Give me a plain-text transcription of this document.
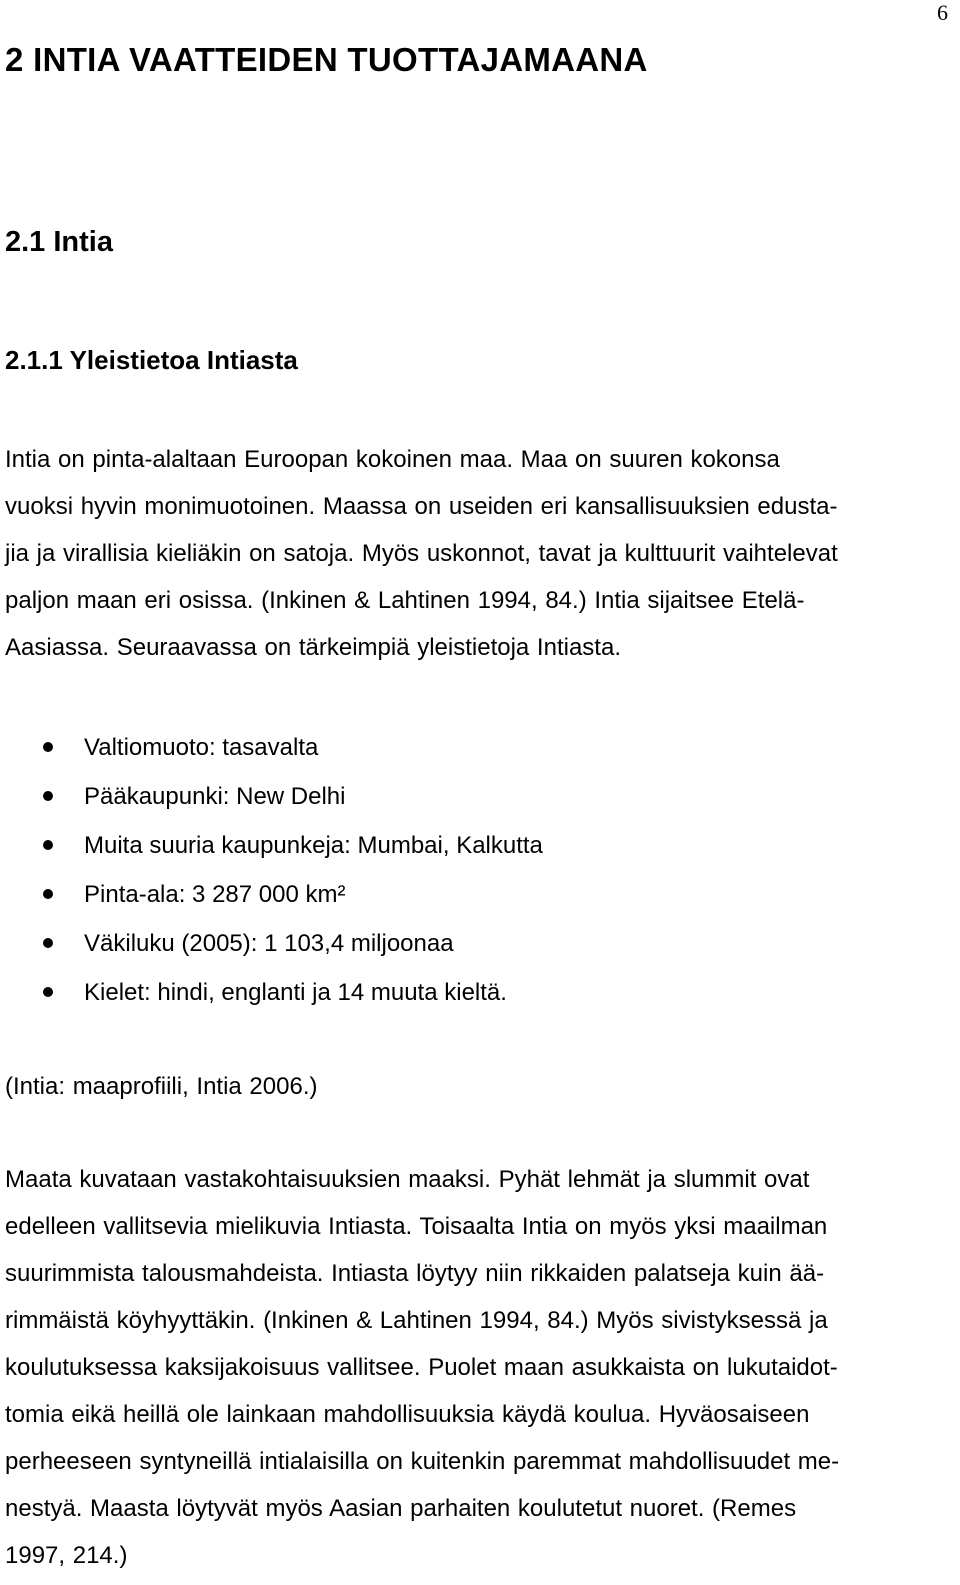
6
2 INTIA VAATTEIDEN TUOTTAJAMAANA
2.1 Intia
2.1.1 Yleistietoa Intiasta

Intia on pinta-alaltaan Euroopan kokoinen maa. Maa on suuren kokonsa
vuoksi hyvin monimuotoinen. Maassa on useiden eri kansallisuuksien edusta-
jia ja virallisia kieliäkin on satoja. Myös uskonnot, tavat ja kulttuurit vaihtelevat
paljon maan eri osissa. (Inkinen & Lahtinen 1994, 84.) Intia sijaitsee Etelä-
Aasiassa. Seuraavassa on tärkeimpiä yleistietoja Intiasta.

Valtiomuoto: tasavalta
Pääkaupunki: New Delhi
Muita suuria kaupunkeja: Mumbai, Kalkutta
Pinta-ala: 3 287 000 km²
Väkiluku (2005): 1 103,4 miljoonaa
Kielet: hindi, englanti ja 14 muuta kieltä.

(Intia: maaprofiili, Intia 2006.)

Maata kuvataan vastakohtaisuuksien maaksi. Pyhät lehmät ja slummit ovat
edelleen vallitsevia mielikuvia Intiasta. Toisaalta Intia on myös yksi maailman
suurimmista talousmahdeista. Intiasta löytyy niin rikkaiden palatseja kuin ää-
rimmäistä köyhyyttäkin. (Inkinen & Lahtinen 1994, 84.) Myös sivistyksessä ja
koulutuksessa kaksijakoisuus vallitsee. Puolet maan asukkaista on lukutaidot-
tomia eikä heillä ole lainkaan mahdollisuuksia käydä koulua. Hyväosaiseen
perheeseen syntyneillä intialaisilla on kuitenkin paremmat mahdollisuudet me-
nestyä. Maasta löytyvät myös Aasian parhaiten koulutetut nuoret. (Remes
1997, 214.)
